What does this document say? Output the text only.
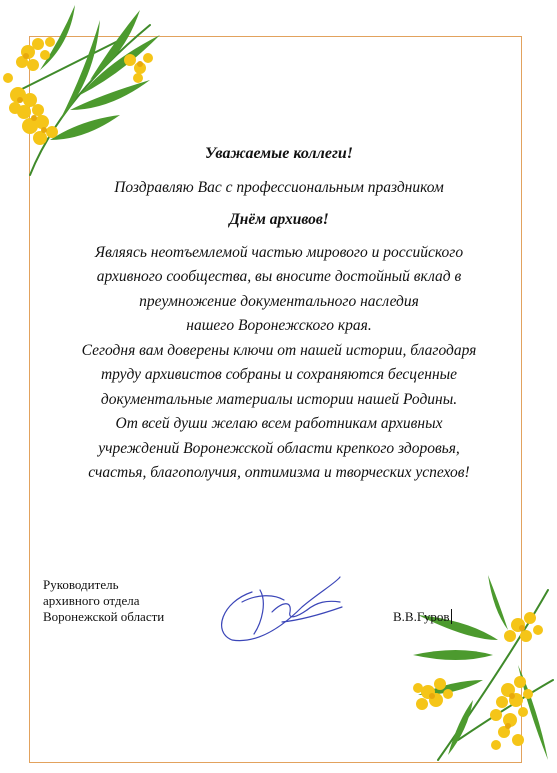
Уважаемые коллеги!

Поздравляю Вас с профессиональным праздником

Днём архивов!

Являясь неотъемлемой частью мирового и российского
архивного сообщества, вы вносите достойный вклад в
преумножение документального наследия
нашего Воронежского края.
Сегодня вам доверены ключи от нашей истории, благодаря
труду архивистов собраны и сохраняются бесценные
документальные материалы истории нашей Родины.
От всей души желаю всем работникам архивных
учреждений Воронежской области крепкого здоровья,
счастья, благополучия, оптимизма и творческих успехов!

Руководитель
архивного отдела
Воронежской области	В.В.Гуров
